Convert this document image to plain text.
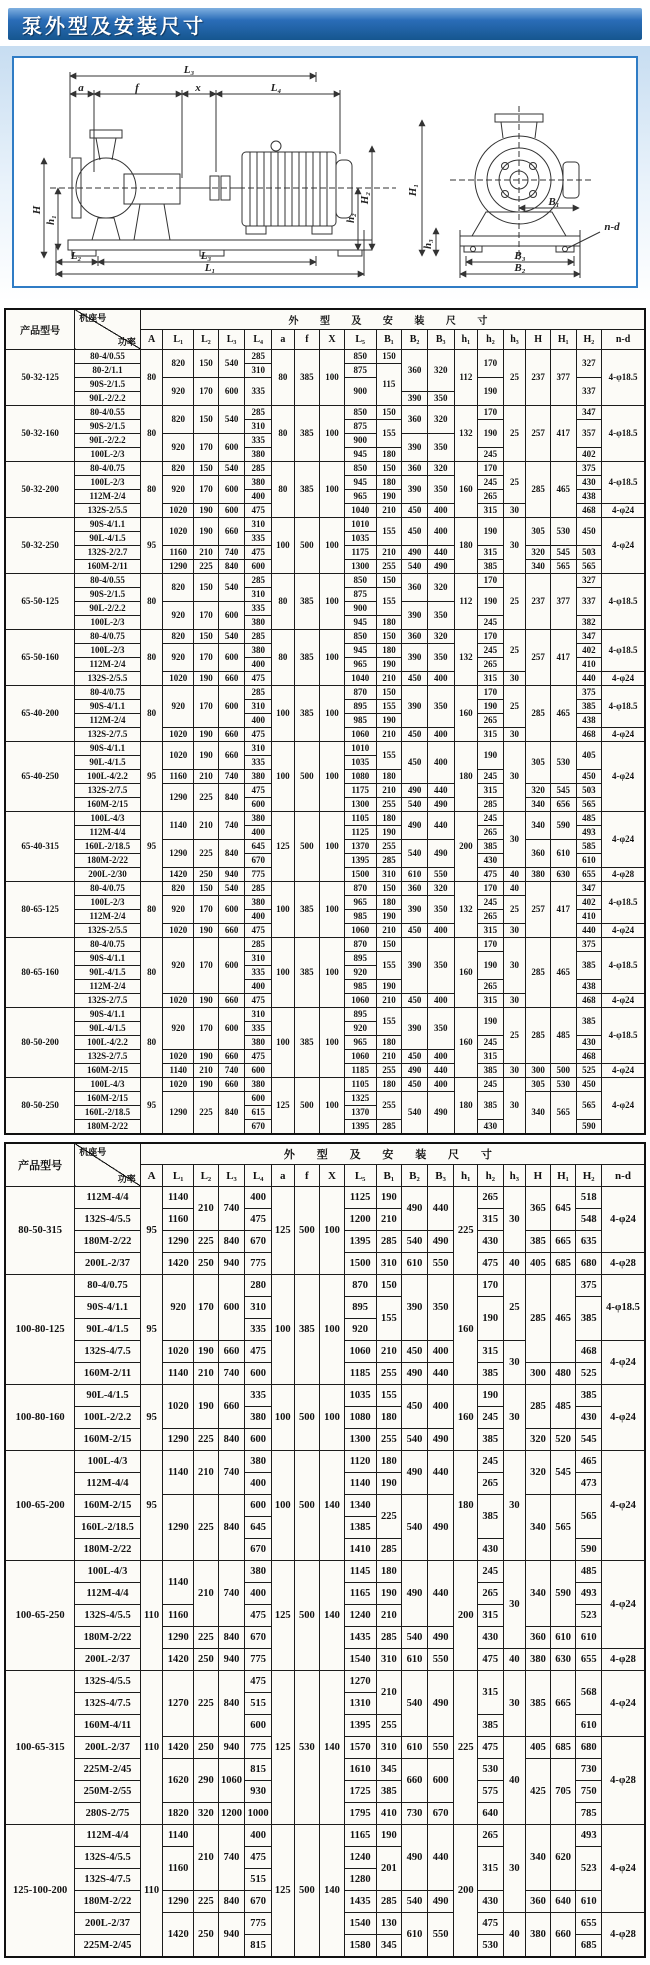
泵外型及安装尺寸
L₃
a	f	x	L₄
H
h₁	h₂
H₂
L₂	L₃
L₁
H₁
h₃
B₁
n-d
B₃
B₂
产品型号	机座号
功率	外 型 及 安 装 尺 寸																		
		A	L₁	L₂	L₃	L₄	a	f	X	L₅	B₁	B₂	B₃	h₁	h₂	h₃	H	H₁	H₂	n-d
50-32-125	80-4/0.55	80	820	150	540	285	80	385	100	850	150	360	320	112	170	25	237	377	327	4-φ18.5
	80-2/1.1					310				875	115									
	90S-2/1.5		920	170	600	335				900					190				337	
	90L-2/2.2											390	350							
50-32-160	80-4/0.55	80	820	150	540	285	80	385	100	850	150	360	320	132	170	25	257	417	347	4-φ18.5
	90S-2/1.5					310				875	155				190				357	
	90L-2/2.2		920	170	600	335				900		390	350							
	100L-2/3					380				945	180				245				402	
50-32-200	80-4/0.75	80	820	150	540	285	80	385	100	850	150	360	320	160	170	25	285	465	375	4-φ18.5
	100L-2/3		920	170	600	380				945	180	390	350		245				430	
	112M-2/4					400				965	190				265				438	
	132S-2/5.5		1020	190	600	475				1040	210	450	400		315	30			468	4-φ24
50-32-250	90S-4/1.1	95	1020	190	660	310	100	500	100	1010	155	450	400	180	190	30	305	530	450	4-φ24
	90L-4/1.5					335				1035										
	132S-2/2.7		1160	210	740	475				1175	210	490	440		315		320	545	503	
	160M-2/11		1290	225	840	600				1300	255	540	490		385		340	565	565	
65-50-125	80-4/0.55	80	820	150	540	285	80	385	100	850	150	360	320	112	170	25	237	377	327	4-φ18.5
	90S-2/1.5					310				875	155				190				337	
	90L-2/2.2		920	170	600	335				900		390	350							
	100L-2/3					380				945	180				245				382	
65-50-160	80-4/0.75	80	820	150	540	285	80	385	100	850	150	360	320	132	170	25	257	417	347	4-φ18.5
	100L-2/3		920	170	600	380				945	180	390	350		245				402	
	112M-2/4					400				965	190				265				410	
	132S-2/5.5		1020	190	660	475				1040	210	450	400		315	30			440	4-φ24
65-40-200	80-4/0.75	80	920	170	600	285	100	385	100	870	150	390	350	160	170	25	285	465	375	4-φ18.5
	90S-4/1.1					310				895	155				190				385	
	112M-2/4					400				985	190				265				438	
	132S-2/7.5		1020	190	660	475				1060	210	450	400		315	30			468	4-φ24
65-40-250	90S-4/1.1	95	1020	190	660	310	100	500	100	1010	155	450	400	180	190	30	305	530	405	4-φ24
	90L-4/1.5					335				1035										
	100L-4/2.2		1160	210	740	380				1080	180				245				450	
	132S-2/7.5		1290	225	840	475				1175	210	490	440		315		320	545	503	
	160M-2/15					600				1300	255	540	490		285		340	656	565	
65-40-315	100L-4/3	95	1140	210	740	380	125	500	100	1105	180	490	440	200	245	30	340	590	485	4-φ24
	112M-4/4					400				1125	190				265				493	
	160L-2/18.5		1290	225	840	645				1370	255	540	490		385		360	610	585	
	180M-2/22					670				1395	285				430				610	
	200L-2/30		1420	250	940	775				1500	310	610	550		475	40	380	630	655	4-φ28
80-65-125	80-4/0.75	80	820	150	540	285	100	385	100	870	150	360	320	132	170	40	257	417	347	4-φ18.5
	100L-2/3		920	170	600	380				965	180	390	350		245	25			402	
	112M-2/4					400				985	190				265				410	
	132S-2/5.5		1020	190	660	475				1060	210	450	400		315	30			440	4-φ24
80-65-160	80-4/0.75	80	920	170	600	285	100	385	100	870	150	390	350	160	170	30	285	465	375	4-φ18.5
	90S-4/1.1					310				895	155				190				385	
	90L-4/1.5					335				920										
	112M-2/4					400				985	190				265				438	
	132S-2/7.5		1020	190	660	475				1060	210	450	400		315	30			468	4-φ24
80-50-200	90S-4/1.1	80	920	170	600	310	100	385	100	895	155	390	350	160	190	25	285	485	385	4-φ18.5
	90L-4/1.5					335				920										
	100L-4/2.2					380				965	180				245				430	
	132S-2/7.5		1020	190	660	475				1060	210	450	400		315				468	
	160M-2/15		1140	210	740	600				1185	255	490	440		385	30	300	500	525	4-φ24
80-50-250	100L-4/3	95	1020	190	660	380	125	500	100	1105	180	450	400	180	245	30	305	530	450	4-φ24
	160M-2/15		1290	225	840	600				1325	255	540	490		385		340	565	565	
	160L-2/18.5					615				1370										
	180M-2/22					670				1395	285				430				590	
产品型号	机座号
功率	外 型 及 安 装 尺 寸																		
		A	L₁	L₂	L₃	L₄	a	f	X	L₅	B₁	B₂	B₃	h₁	h₂	h₃	H	H₁	H₂	n-d
80-50-315	112M-4/4	95	1140	210	740	400	125	500	100	1125	190	490	440	225	265	30	365	645	518	4-φ24
	132S-4/5.5		1160			475				1200	210				315				548	
	180M-2/22		1290	225	840	670				1395	285	540	490		430		385	665	635	
	200L-2/37		1420	250	940	775				1500	310	610	550		475	40	405	685	680	4-φ28
100-80-125	80-4/0.75	95	920	170	600	280	100	385	100	870	150	390	350	160	170	25	285	465	375	4-φ18.5
	90S-4/1.1					310				895	155				190				385	
	90L-4/1.5					335				920										
	132S-4/7.5		1020	190	660	475				1060	210	450	400		315	30			468	4-φ24
	160M-2/11		1140	210	740	600				1185	255	490	440		385		300	480	525	
100-80-160	90L-4/1.5	95	1020	190	660	335	100	500	100	1035	155	450	400	160	190	30	285	485	385	4-φ24
	100L-2/2.2					380				1080	180				245				430	
	160M-2/15		1290	225	840	600				1300	255	540	490		385		320	520	545	
100-65-200	100L-4/3	95	1140	210	740	380	100	500	140	1120	180	490	440	180	245	30	320	545	465	4-φ24
	112M-4/4					400				1140	190				265				473	
	160M-2/15		1290	225	840	600				1340	225	540	490		385		340	565	565	
	160L-2/18.5					645				1385										
	180M-2/22					670				1410	285				430				590	
100-65-250	100L-4/3	110	1140	210	740	380	125	500	140	1145	180	490	440	200	245	30	340	590	485	4-φ24
	112M-4/4					400				1165	190				265				493	
	132S-4/5.5		1160			475				1240	210				315				523	
	180M-2/22		1290	225	840	670				1435	285	540	490		430		360	610	610	
	200L-2/37		1420	250	940	775				1540	310	610	550		475	40	380	630	655	4-φ28
100-65-315	132S-4/5.5	110	1270	225	840	475	125	530	140	1270	210	540	490	225	315	30	385	665	568	4-φ24
	132S-4/7.5					515				1310										
	160M-4/11					600				1395	255				385				610	
	200L-2/37		1420	250	940	775				1570	310	610	550		475	40	405	685	680	4-φ28
	225M-2/45		1620	290	1060	815				1610	345	660	600		530		425	705	730	
	250M-2/55					930				1725	385				575				750	
	280S-2/75		1820	320	1200	1000				1795	410	730	670		640				785	
125-100-200	112M-4/4	110	1140	210	740	400	125	500	140	1165	190	490	440	200	265	30	340	620	493	4-φ24
	132S-4/5.5		1160			475				1240	201				315				523	
	132S-4/7.5					515				1280										
	180M-2/22		1290	225	840	670				1435	285	540	490		430		360	640	610	
	200L-2/37		1420	250	940	775				1540	130	610	550		475	40	380	660	655	4-φ28
	225M-2/45					815				1580	345				530				685	
